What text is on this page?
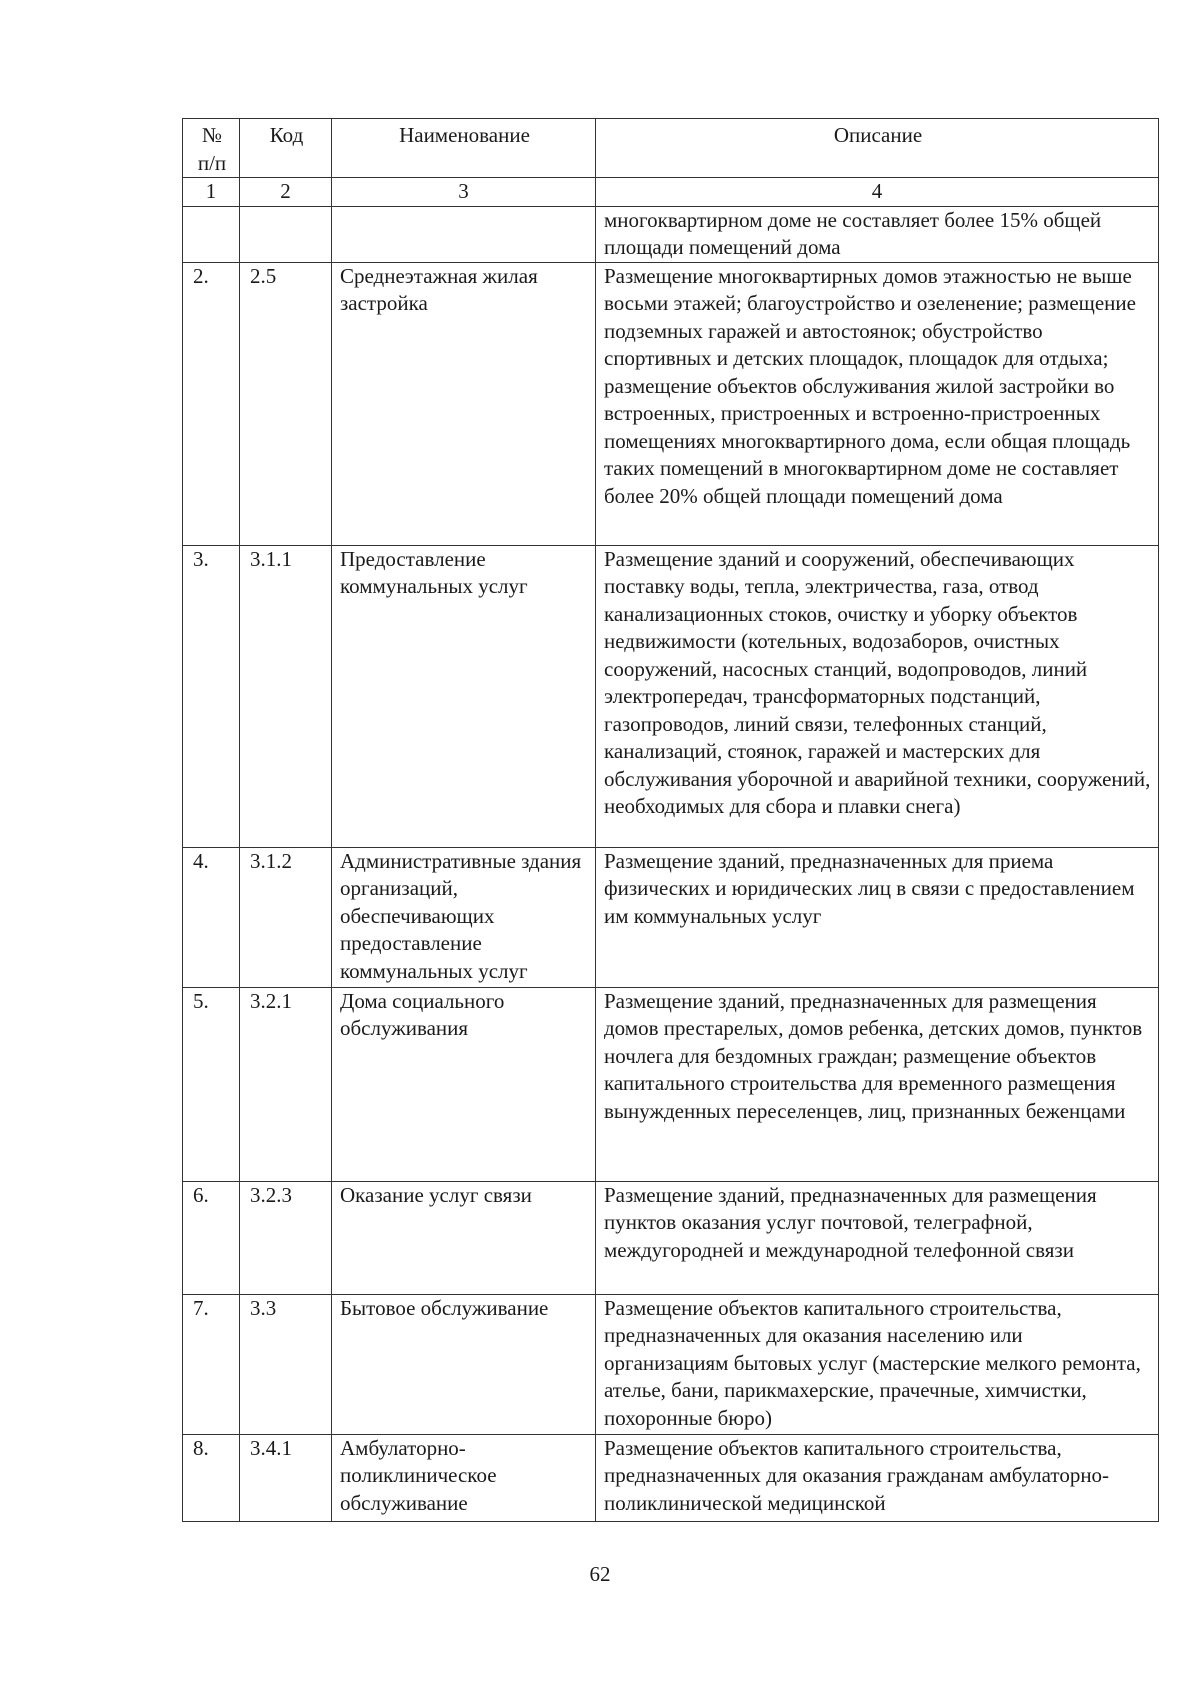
№ п/п	Код	Наименование	Описание
1	2	3	4
			многоквартирном доме не составляет более 15% общей площади помещений дома
2.	2.5	Среднеэтажная жилая застройка	Размещение многоквартирных домов этажностью не выше восьми этажей; благоустройство и озеленение; размещение подземных гаражей и автостоянок; обустройство спортивных и детских площадок, площадок для отдыха; размещение объектов обслуживания жилой застройки во встроенных, пристроенных и встроенно-пристроенных помещениях многоквартирного дома, если общая площадь таких помещений в многоквартирном доме не составляет более 20% общей площади помещений дома
3.	3.1.1	Предоставление коммунальных услуг	Размещение зданий и сооружений, обеспечивающих поставку воды, тепла, электричества, газа, отвод канализационных стоков, очистку и уборку объектов недвижимости (котельных, водозаборов, очистных сооружений, насосных станций, водопроводов, линий электропередач, трансформаторных подстанций, газопроводов, линий связи, телефонных станций, канализаций, стоянок, гаражей и мастерских для обслуживания уборочной и аварийной техники, сооружений, необходимых для сбора и плавки снега)
4.	3.1.2	Административные здания организаций, обеспечивающих предоставление коммунальных услуг	Размещение зданий, предназначенных для приема физических и юридических лиц в связи с предоставлением им коммунальных услуг
5.	3.2.1	Дома социального обслуживания	Размещение зданий, предназначенных для размещения домов престарелых, домов ребенка, детских домов, пунктов ночлега для бездомных граждан; размещение объектов капитального строительства для временного размещения вынужденных переселенцев, лиц, признанных беженцами
6.	3.2.3	Оказание услуг связи	Размещение зданий, предназначенных для размещения пунктов оказания услуг почтовой, телеграфной, междугородней и международной телефонной связи
7.	3.3	Бытовое обслуживание	Размещение объектов капитального строительства, предназначенных для оказания населению или организациям бытовых услуг (мастерские мелкого ремонта, ателье, бани, парикмахерские, прачечные, химчистки, похоронные бюро)
8.	3.4.1	Амбулаторно-поликлиническое обслуживание	Размещение объектов капитального строительства, предназначенных для оказания гражданам амбулаторно-поликлинической медицинской
62
